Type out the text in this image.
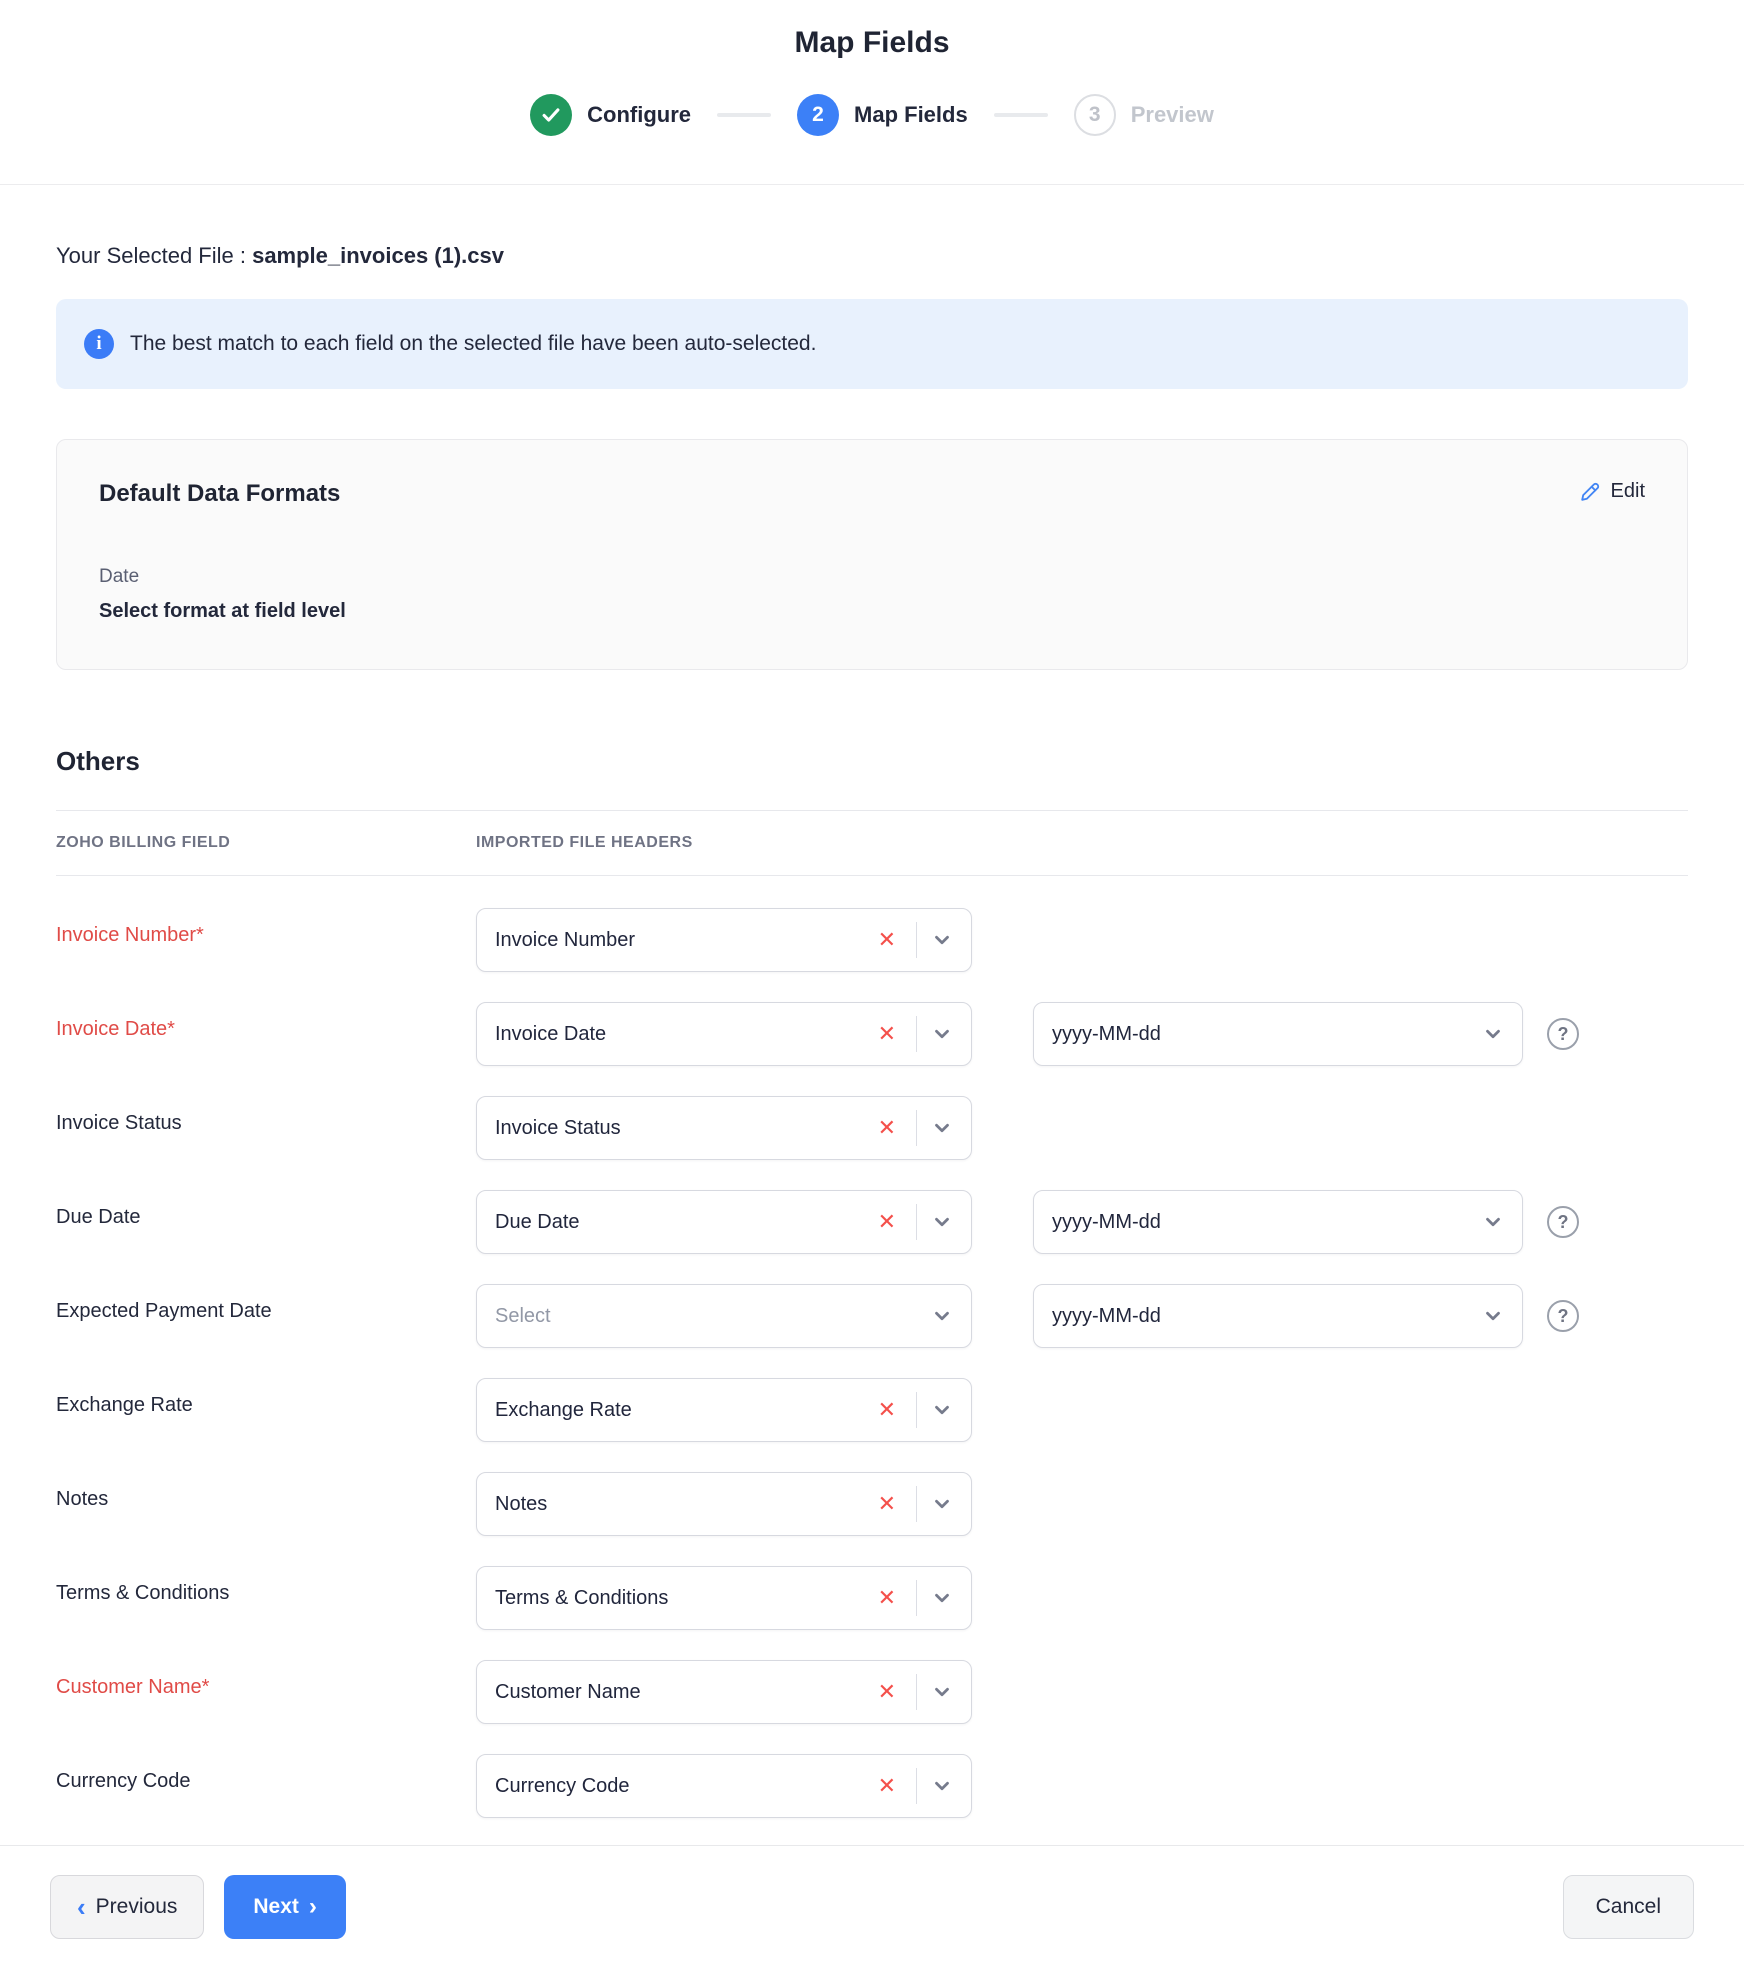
Map Fields
Configure	2	Map Fields	3	Preview
Your Selected File : sample_invoices (1).csv
i	The best match to each field on the selected file have been auto-selected.
Default Data Formats	Edit
Date
Select format at field level
Others
ZOHO BILLING FIELD	IMPORTED FILE HEADERS
Invoice Number*	Invoice Number	✕
Invoice Date*	Invoice Date	✕	yyyy-MM-dd	?
Invoice Status	Invoice Status	✕
Due Date	Due Date	✕	yyyy-MM-dd	?
Expected Payment Date	Select	yyyy-MM-dd	?
Exchange Rate	Exchange Rate	✕
Notes	Notes	✕
Terms & Conditions	Terms & Conditions	✕
Customer Name*	Customer Name	✕
Currency Code	Currency Code	✕
‹ Previous	Next ›	Cancel
